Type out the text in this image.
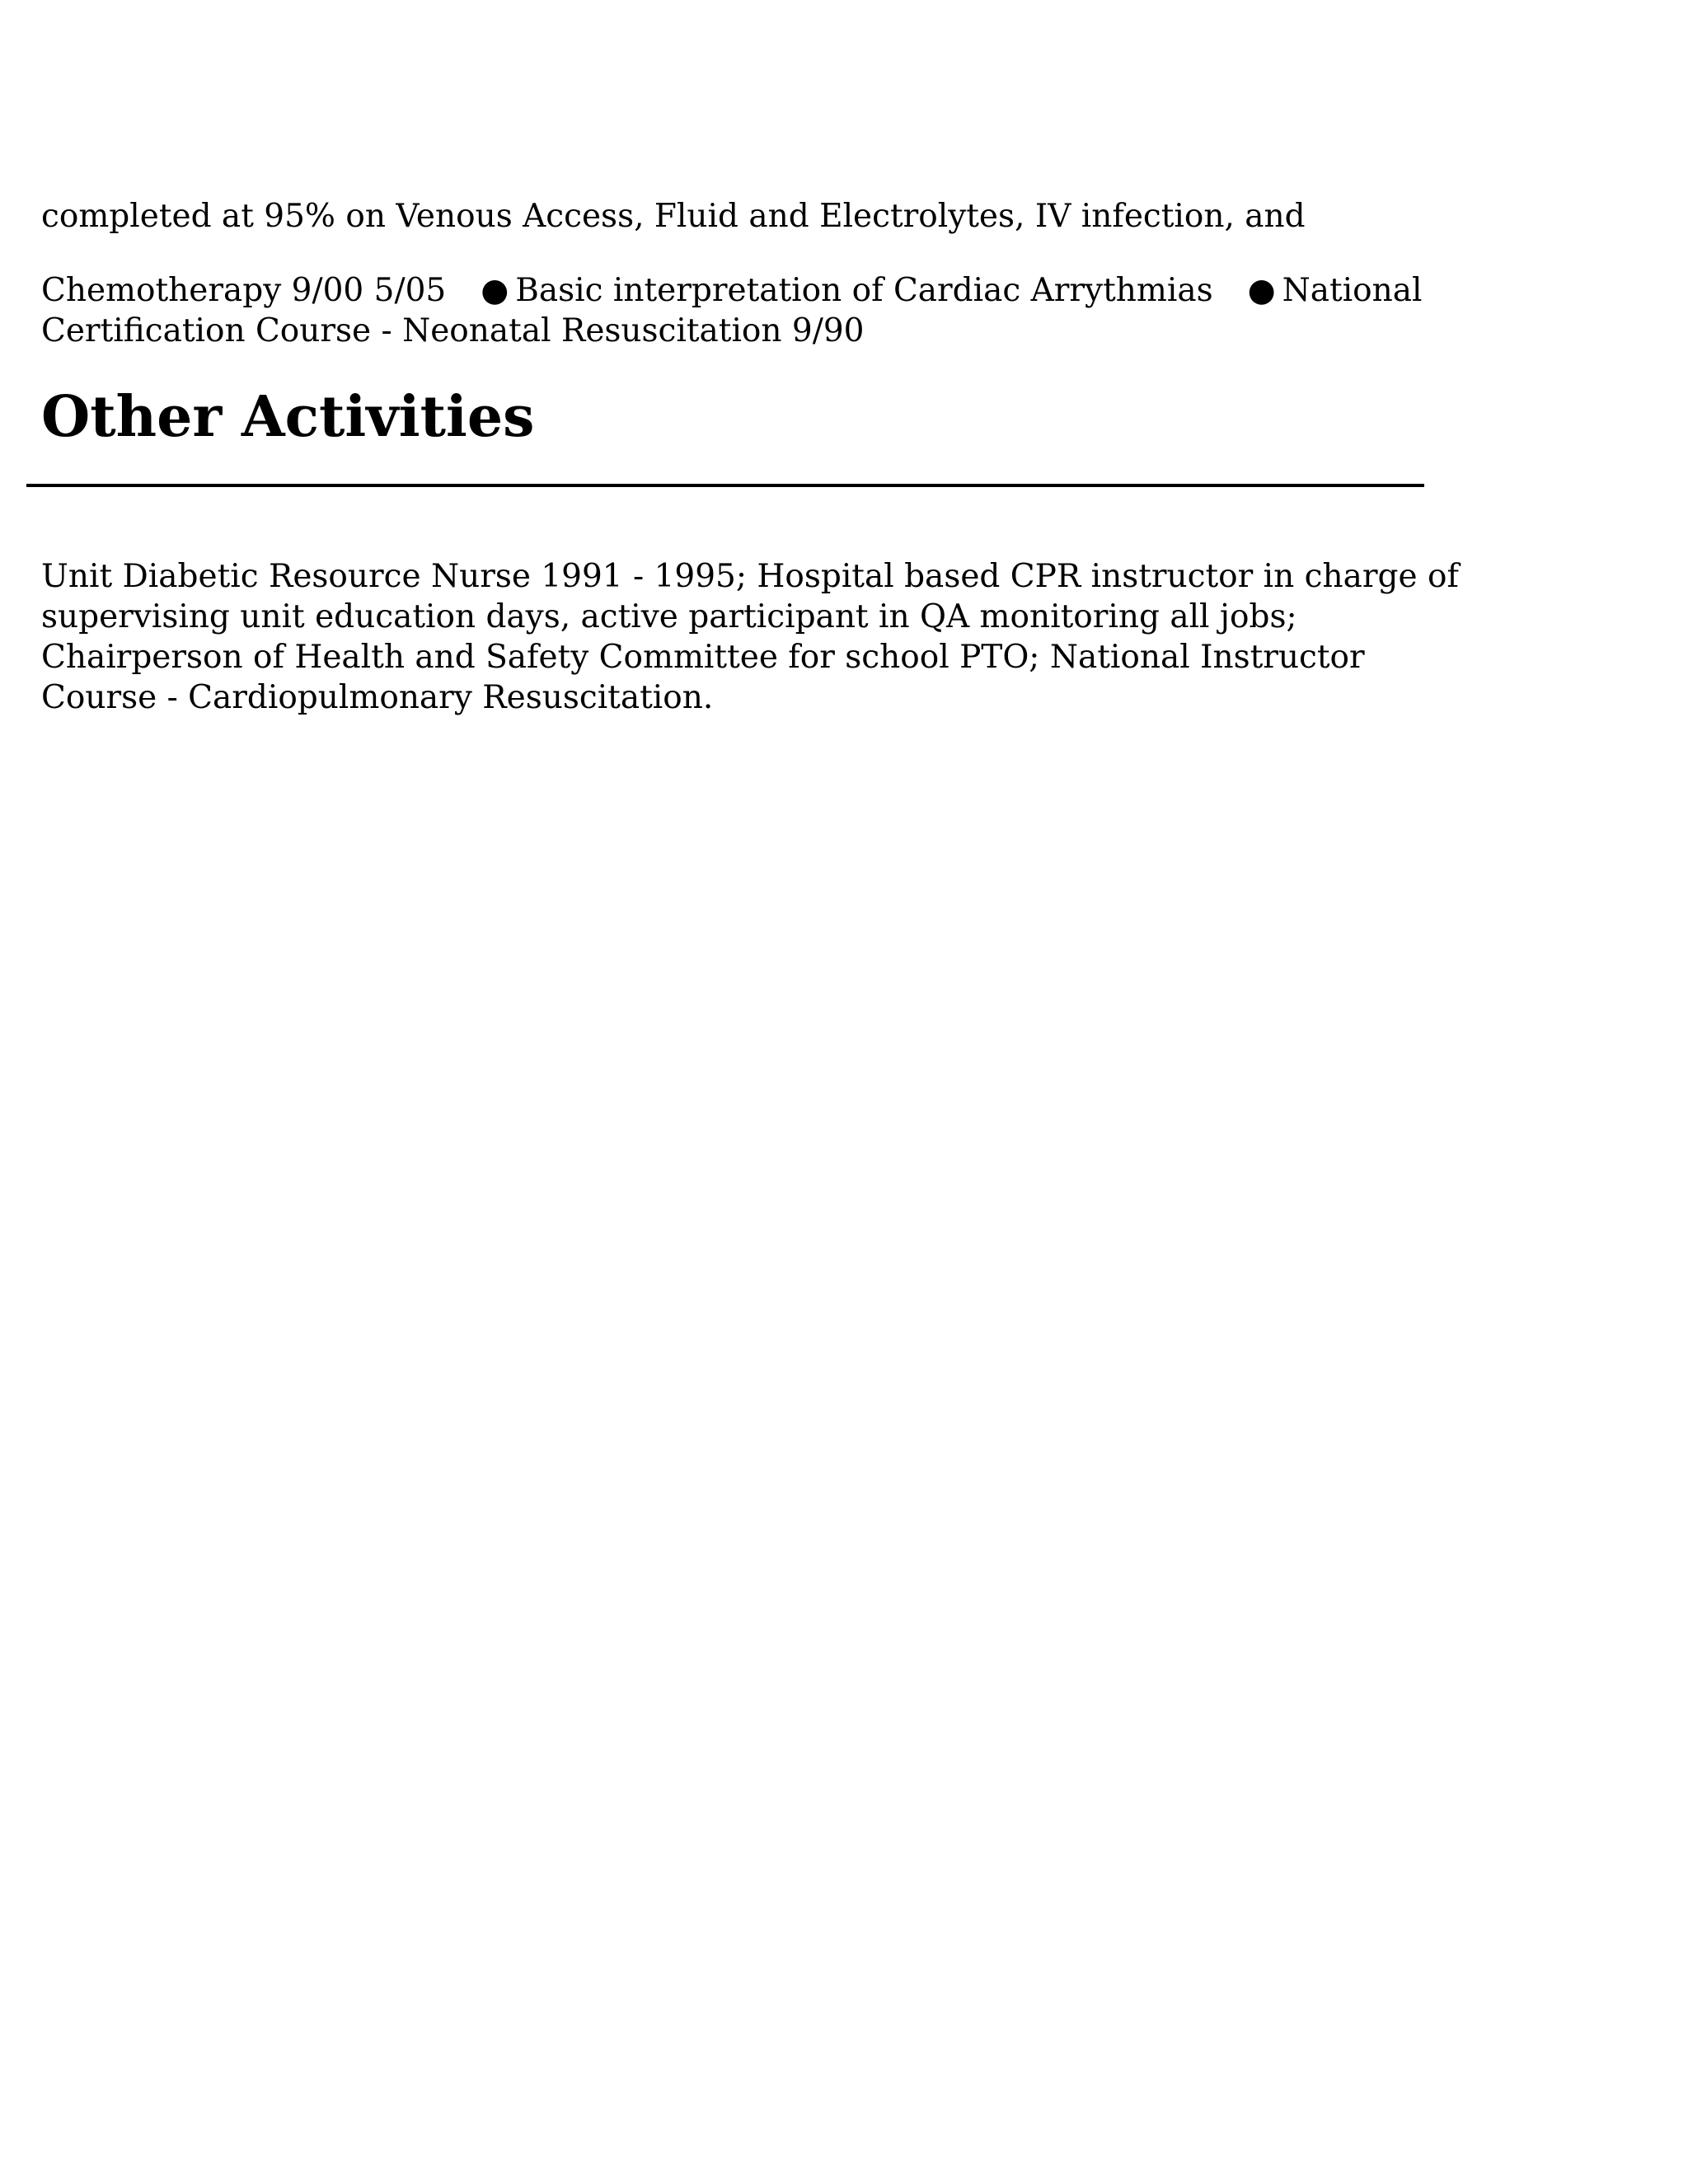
completed at 95% on Venous Access, Fluid and Electrolytes, IV infection, and

Chemotherapy 9/00 5/05 ● Basic interpretation of Cardiac Arrythmias ● National

Certification Course - Neonatal Resuscitation 9/90

Other Activities

Unit Diabetic Resource Nurse 1991 - 1995; Hospital based CPR instructor in charge of

supervising unit education days, active participant in QA monitoring all jobs;

Chairperson of Health and Safety Committee for school PTO; National Instructor

Course - Cardiopulmonary Resuscitation.
